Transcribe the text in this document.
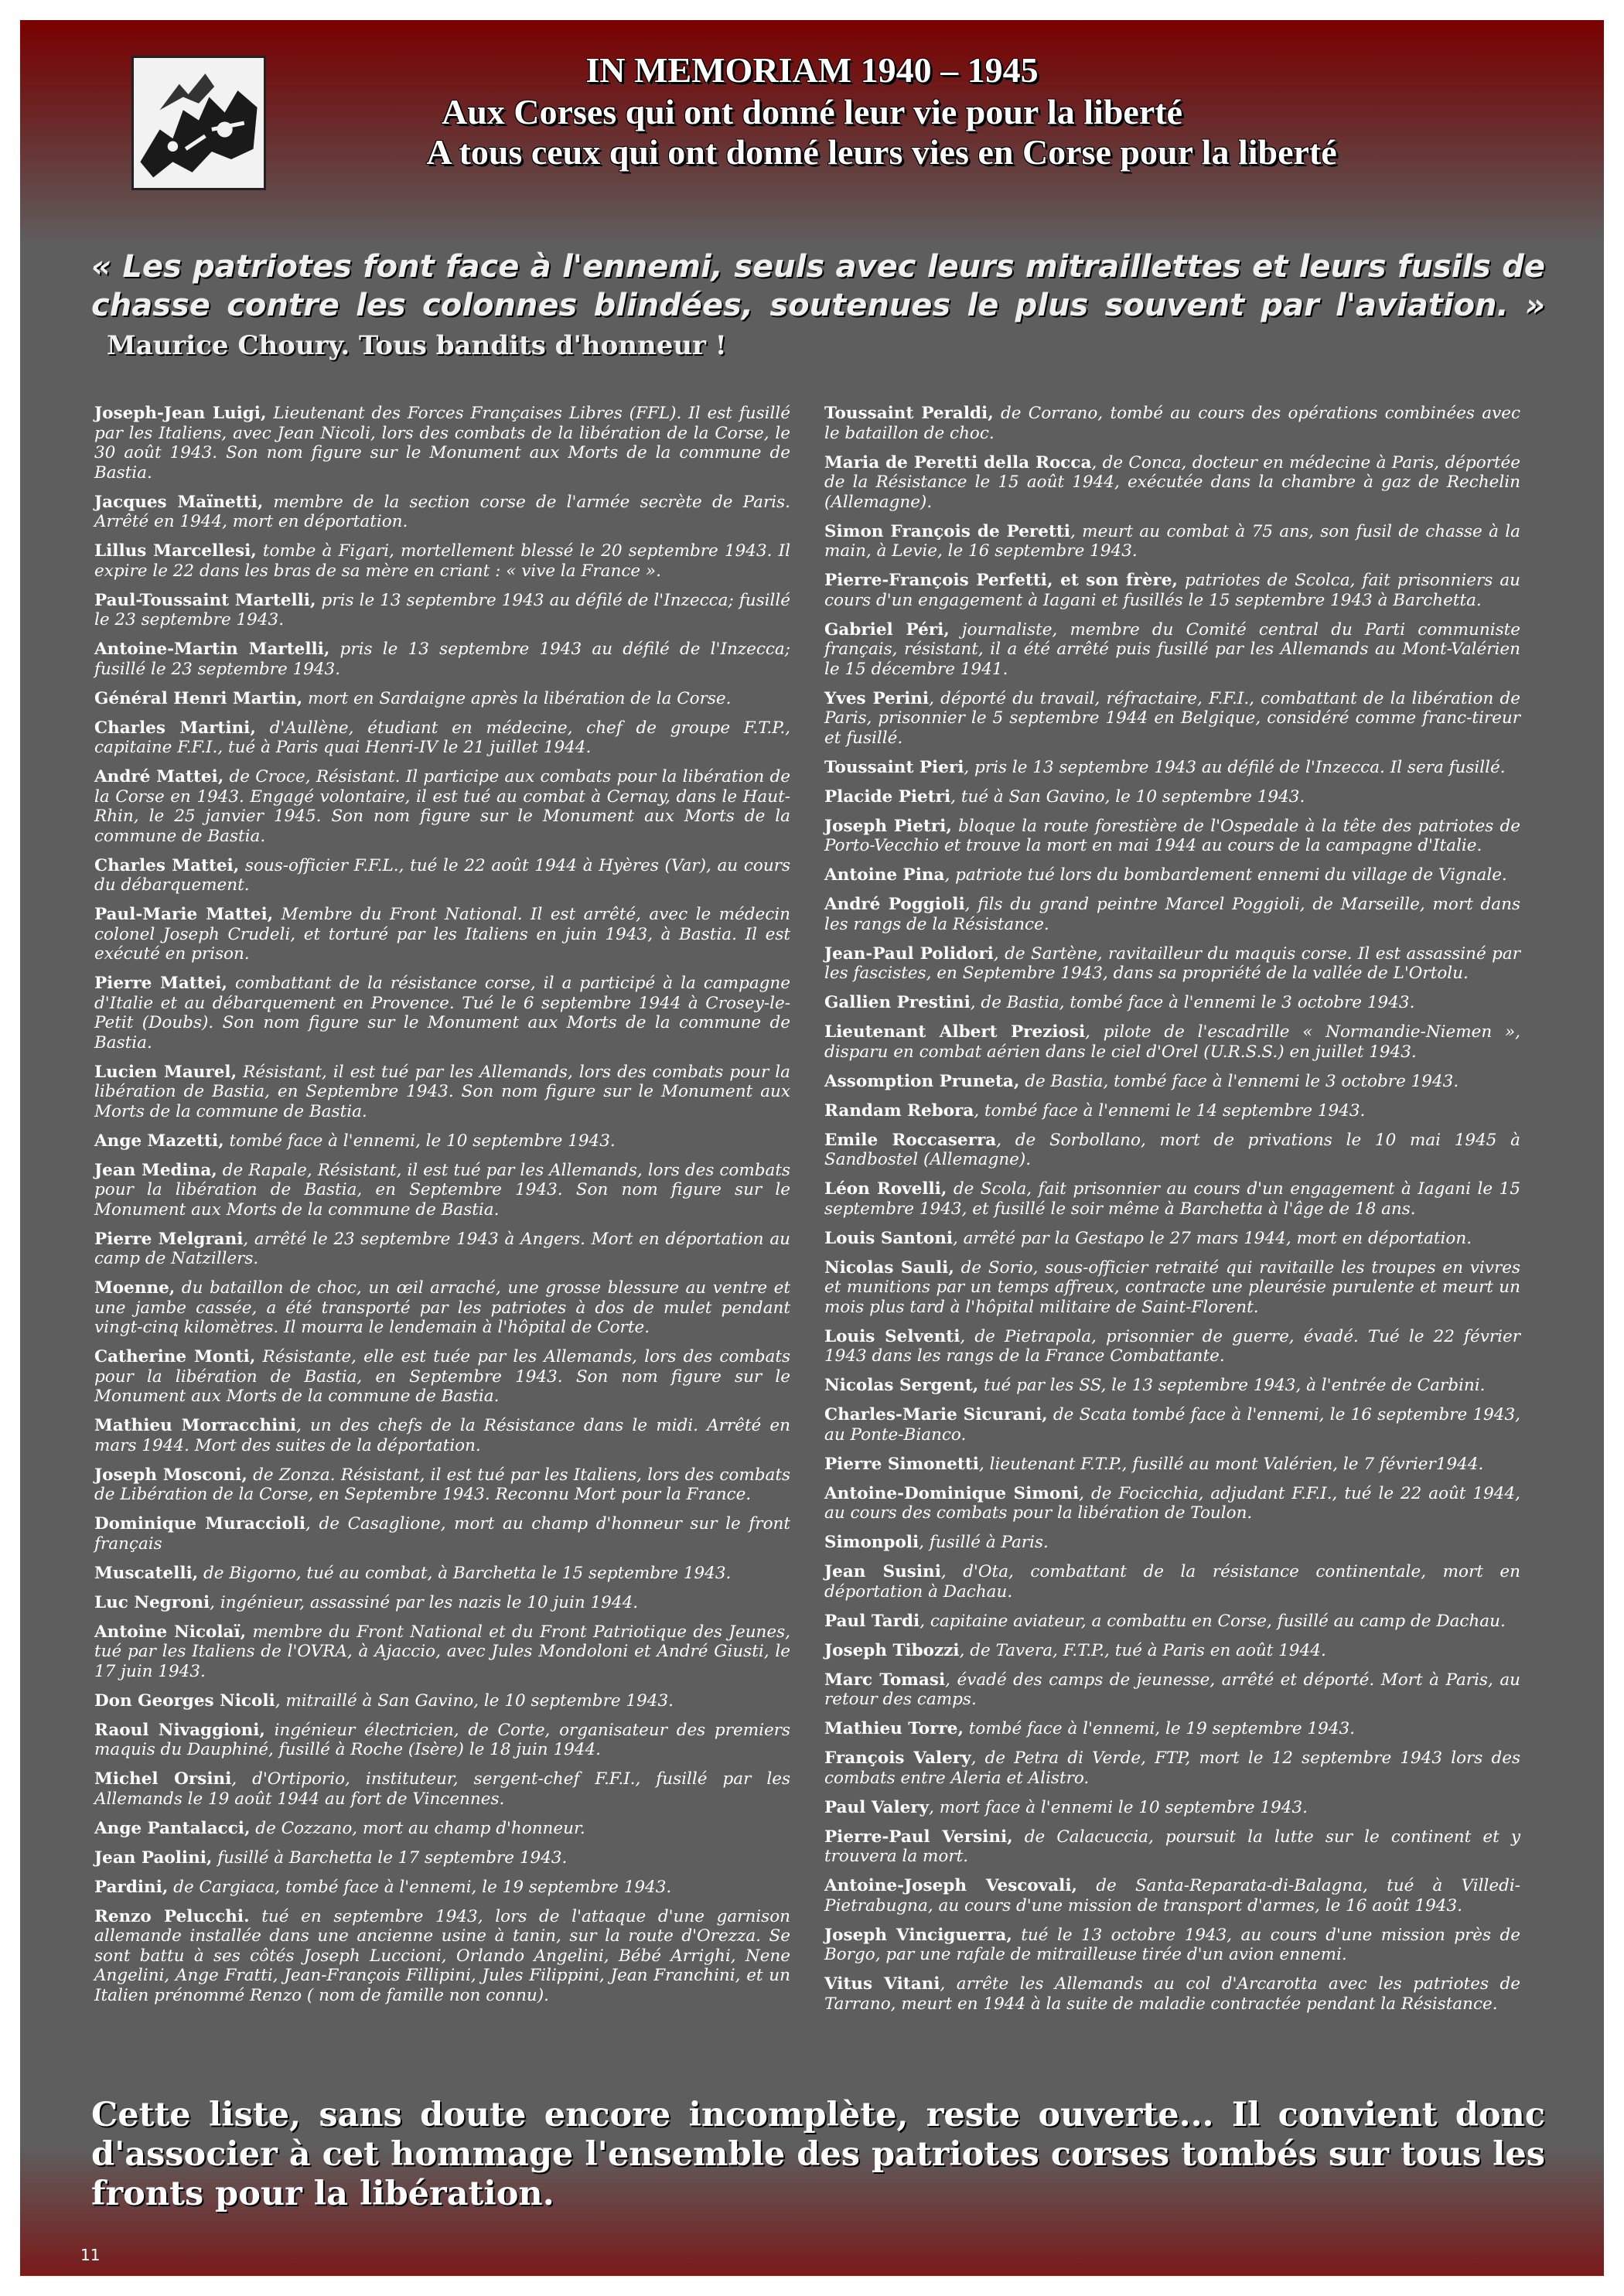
IN MEMORIAM 1940 – 1945
Aux Corses qui ont donné leur vie pour la liberté
A tous ceux qui ont donné leurs vies en Corse pour la liberté
« Les patriotes font face à l'ennemi, seuls avec leurs mitraillettes et leurs fusils de chasse contre les colonnes blindées, soutenues le plus souvent par l'aviation. » Maurice Choury. Tous bandits d'honneur !

Joseph-Jean Luigi, Lieutenant des Forces Françaises Libres (FFL). Il est fusillé par les Italiens, avec Jean Nicoli, lors des combats de la libération de la Corse, le 30 août 1943. Son nom figure sur le Monument aux Morts de la commune de Bastia.

Jacques Maïnetti, membre de la section corse de l'armée secrète de Paris. Arrêté en 1944, mort en déportation.

Lillus Marcellesi, tombe à Figari, mortellement blessé le 20 septembre 1943. Il expire le 22 dans les bras de sa mère en criant : « vive la France ».

Paul-Toussaint Martelli, pris le 13 septembre 1943 au défilé de l'Inzecca; fusillé le 23 septembre 1943.

Antoine-Martin Martelli, pris le 13 septembre 1943 au défilé de l'Inzecca; fusillé le 23 septembre 1943.

Général Henri Martin, mort en Sardaigne après la libération de la Corse.

Charles Martini, d'Aullène, étudiant en médecine, chef de groupe F.T.P., capitaine F.F.I., tué à Paris quai Henri-IV le 21 juillet 1944.

André Mattei, de Croce, Résistant. Il participe aux combats pour la libération de la Corse en 1943. Engagé volontaire, il est tué au combat à Cernay, dans le Haut-Rhin, le 25 janvier 1945. Son nom figure sur le Monument aux Morts de la commune de Bastia.

Charles Mattei, sous-officier F.F.L., tué le 22 août 1944 à Hyères (Var), au cours du débarquement.

Paul-Marie Mattei, Membre du Front National. Il est arrêté, avec le médecin colonel Joseph Crudeli, et torturé par les Italiens en juin 1943, à Bastia. Il est exécuté en prison.

Pierre Mattei, combattant de la résistance corse, il a participé à la campagne d'Italie et au débarquement en Provence. Tué le 6 septembre 1944 à Crosey-le-Petit (Doubs). Son nom figure sur le Monument aux Morts de la commune de Bastia.

Lucien Maurel, Résistant, il est tué par les Allemands, lors des combats pour la libération de Bastia, en Septembre 1943. Son nom figure sur le Monument aux Morts de la commune de Bastia.

Ange Mazetti, tombé face à l'ennemi, le 10 septembre 1943.

Jean Medina, de Rapale, Résistant, il est tué par les Allemands, lors des combats pour la libération de Bastia, en Septembre 1943. Son nom figure sur le Monument aux Morts de la commune de Bastia.

Pierre Melgrani, arrêté le 23 septembre 1943 à Angers. Mort en déportation au camp de Natzillers.

Moenne, du bataillon de choc, un œil arraché, une grosse blessure au ventre et une jambe cassée, a été transporté par les patriotes à dos de mulet pendant vingt-cinq kilomètres. Il mourra le lendemain à l'hôpital de Corte.

Catherine Monti, Résistante, elle est tuée par les Allemands, lors des combats pour la libération de Bastia, en Septembre 1943. Son nom figure sur le Monument aux Morts de la commune de Bastia.

Mathieu Morracchini, un des chefs de la Résistance dans le midi. Arrêté en mars 1944. Mort des suites de la déportation.

Joseph Mosconi, de Zonza. Résistant, il est tué par les Italiens, lors des combats de Libération de la Corse, en Septembre 1943. Reconnu Mort pour la France.

Dominique Muraccioli, de Casaglione, mort au champ d'honneur sur le front français

Muscatelli, de Bigorno, tué au combat, à Barchetta le 15 septembre 1943.

Luc Negroni, ingénieur, assassiné par les nazis le 10 juin 1944.

Antoine Nicolaï, membre du Front National et du Front Patriotique des Jeunes, tué par les Italiens de l'OVRA, à Ajaccio, avec Jules Mondoloni et André Giusti, le 17 juin 1943.

Don Georges Nicoli, mitraillé à San Gavino, le 10 septembre 1943.

Raoul Nivaggioni, ingénieur électricien, de Corte, organisateur des premiers maquis du Dauphiné, fusillé à Roche (Isère) le 18 juin 1944.

Michel Orsini, d'Ortiporio, instituteur, sergent-chef F.F.I., fusillé par les Allemands le 19 août 1944 au fort de Vincennes.

Ange Pantalacci, de Cozzano, mort au champ d'honneur.

Jean Paolini, fusillé à Barchetta le 17 septembre 1943.

Pardini, de Cargiaca, tombé face à l'ennemi, le 19 septembre 1943.

Renzo Pelucchi. tué en septembre 1943, lors de l'attaque d'une garnison allemande installée dans une ancienne usine à tanin, sur la route d'Orezza. Se sont battu à ses côtés Joseph Luccioni, Orlando Angelini, Bébé Arrighi, Nene Angelini, Ange Fratti, Jean-François Fillipini, Jules Filippini, Jean Franchini, et un Italien prénommé Renzo ( nom de famille non connu).

Toussaint Peraldi, de Corrano, tombé au cours des opérations combinées avec le bataillon de choc.

Maria de Peretti della Rocca, de Conca, docteur en médecine à Paris, déportée de la Résistance le 15 août 1944, exécutée dans la chambre à gaz de Rechelin (Allemagne).

Simon François de Peretti, meurt au combat à 75 ans, son fusil de chasse à la main, à Levie, le 16 septembre 1943.

Pierre-François Perfetti, et son frère, patriotes de Scolca, fait prisonniers au cours d'un engagement à Iagani et fusillés le 15 septembre 1943 à Barchetta.

Gabriel Péri, journaliste, membre du Comité central du Parti communiste français, résistant, il a été arrêté puis fusillé par les Allemands au Mont-Valérien le 15 décembre 1941.

Yves Perini, déporté du travail, réfractaire, F.F.I., combattant de la libération de Paris, prisonnier le 5 septembre 1944 en Belgique, considéré comme franc-tireur et fusillé.

Toussaint Pieri, pris le 13 septembre 1943 au défilé de l'Inzecca. Il sera fusillé.

Placide Pietri, tué à San Gavino, le 10 septembre 1943.

Joseph Pietri, bloque la route forestière de l'Ospedale à la tête des patriotes de Porto-Vecchio et trouve la mort en mai 1944 au cours de la campagne d'Italie.

Antoine Pina, patriote tué lors du bombardement ennemi du village de Vignale.

André Poggioli, fils du grand peintre Marcel Poggioli, de Marseille, mort dans les rangs de la Résistance.

Jean-Paul Polidori, de Sartène, ravitailleur du maquis corse. Il est assassiné par les fascistes, en Septembre 1943, dans sa propriété de la vallée de L'Ortolu.

Gallien Prestini, de Bastia, tombé face à l'ennemi le 3 octobre 1943.

Lieutenant Albert Preziosi, pilote de l'escadrille « Normandie-Niemen », disparu en combat aérien dans le ciel d'Orel (U.R.S.S.) en juillet 1943.

Assomption Pruneta, de Bastia, tombé face à l'ennemi le 3 octobre 1943.

Randam Rebora, tombé face à l'ennemi le 14 septembre 1943.

Emile Roccaserra, de Sorbollano, mort de privations le 10 mai 1945 à Sandbostel (Allemagne).

Léon Rovelli, de Scola, fait prisonnier au cours d'un engagement à Iagani le 15 septembre 1943, et fusillé le soir même à Barchetta à l'âge de 18 ans.

Louis Santoni, arrêté par la Gestapo le 27 mars 1944, mort en déportation.

Nicolas Sauli, de Sorio, sous-officier retraité qui ravitaille les troupes en vivres et munitions par un temps affreux, contracte une pleurésie purulente et meurt un mois plus tard à l'hôpital militaire de Saint-Florent.

Louis Selventi, de Pietrapola, prisonnier de guerre, évadé. Tué le 22 février 1943 dans les rangs de la France Combattante.

Nicolas Sergent, tué par les SS, le 13 septembre 1943, à l'entrée de Carbini.

Charles-Marie Sicurani, de Scata tombé face à l'ennemi, le 16 septembre 1943, au Ponte-Bianco.

Pierre Simonetti, lieutenant F.T.P., fusillé au mont Valérien, le 7 février1944.

Antoine-Dominique Simoni, de Focicchia, adjudant F.F.I., tué le 22 août 1944, au cours des combats pour la libération de Toulon.

Simonpoli, fusillé à Paris.

Jean Susini, d'Ota, combattant de la résistance continentale, mort en déportation à Dachau.

Paul Tardi, capitaine aviateur, a combattu en Corse, fusillé au camp de Dachau.

Joseph Tibozzi, de Tavera, F.T.P., tué à Paris en août 1944.

Marc Tomasi, évadé des camps de jeunesse, arrêté et déporté. Mort à Paris, au retour des camps.

Mathieu Torre, tombé face à l'ennemi, le 19 septembre 1943.

François Valery, de Petra di Verde, FTP, mort le 12 septembre 1943 lors des combats entre Aleria et Alistro.

Paul Valery, mort face à l'ennemi le 10 septembre 1943.

Pierre-Paul Versini, de Calacuccia, poursuit la lutte sur le continent et y trouvera la mort.

Antoine-Joseph Vescovali, de Santa-Reparata-di-Balagna, tué à Villedi-Pietrabugna, au cours d'une mission de transport d'armes, le 16 août 1943.

Joseph Vinciguerra, tué le 13 octobre 1943, au cours d'une mission près de Borgo, par une rafale de mitrailleuse tirée d'un avion ennemi.

Vitus Vitani, arrête les Allemands au col d'Arcarotta avec les patriotes de Tarrano, meurt en 1944 à la suite de maladie contractée pendant la Résistance.

Cette liste, sans doute encore incomplète, reste ouverte... Il convient donc d'associer à cet hommage l'ensemble des patriotes corses tombés sur tous les fronts pour la libération.
11
